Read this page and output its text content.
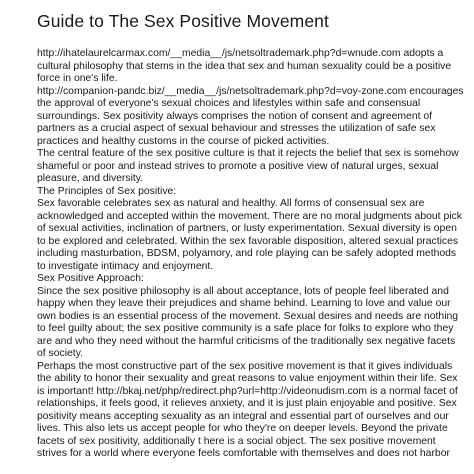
Guide to The Sex Positive Movement
http://ihatelaurelcarmax.com/__media__/js/netsoltrademark.php?d=wnude.com adopts a
cultural philosophy that stems in the idea that sex and human sexuality could be a positive
force in one's life.
http://companion-pandc.biz/__media__/js/netsoltrademark.php?d=voy-zone.com encourages
the approval of everyone's sexual choices and lifestyles within safe and consensual
surroundings. Sex positivity always comprises the notion of consent and agreement of
partners as a crucial aspect of sexual behaviour and stresses the utilization of safe sex
practices and healthy customs in the course of picked activities.
The central feature of the sex positive culture is that it rejects the belief that sex is somehow
shameful or poor and instead strives to promote a positive view of natural urges, sexual
pleasure, and diversity.
The Principles of Sex positive:
Sex favorable celebrates sex as natural and healthy. All forms of consensual sex are
acknowledged and accepted within the movement. There are no moral judgments about pick
of sexual activities, inclination of partners, or lusty experimentation. Sexual diversity is open
to be explored and celebrated. Within the sex favorable disposition, altered sexual practices
including masturbation, BDSM, polyamory, and role playing can be safely adopted methods
to investigate intimacy and enjoyment.
Sex Positive Approach:
Since the sex positive philosophy is all about acceptance, lots of people feel liberated and
happy when they leave their prejudices and shame behind. Learning to love and value our
own bodies is an essential process of the movement. Sexual desires and needs are nothing
to feel guilty about; the sex positive community is a safe place for folks to explore who they
are and who they need without the harmful criticisms of the traditionally sex negative facets
of society.
Perhaps the most constructive part of the sex positive movement is that it gives individuals
the ability to honor their sexuality and great reasons to value enjoyment within their life. Sex
is important! http://bkaj.net/php/redirect.php?url=http://videonudism.com is a normal facet of
relationships, it feels good, it relieves anxiety, and it is just plain enjoyable and positive. Sex
positivity means accepting sexuality as an integral and essential part of ourselves and our
lives. This also lets us accept people for who they're on deeper levels. Beyond the private
facets of sex positivity, additionally t here is a social object. The sex positive movement
strives for a world where everyone feels comfortable with themselves and does not harbor
